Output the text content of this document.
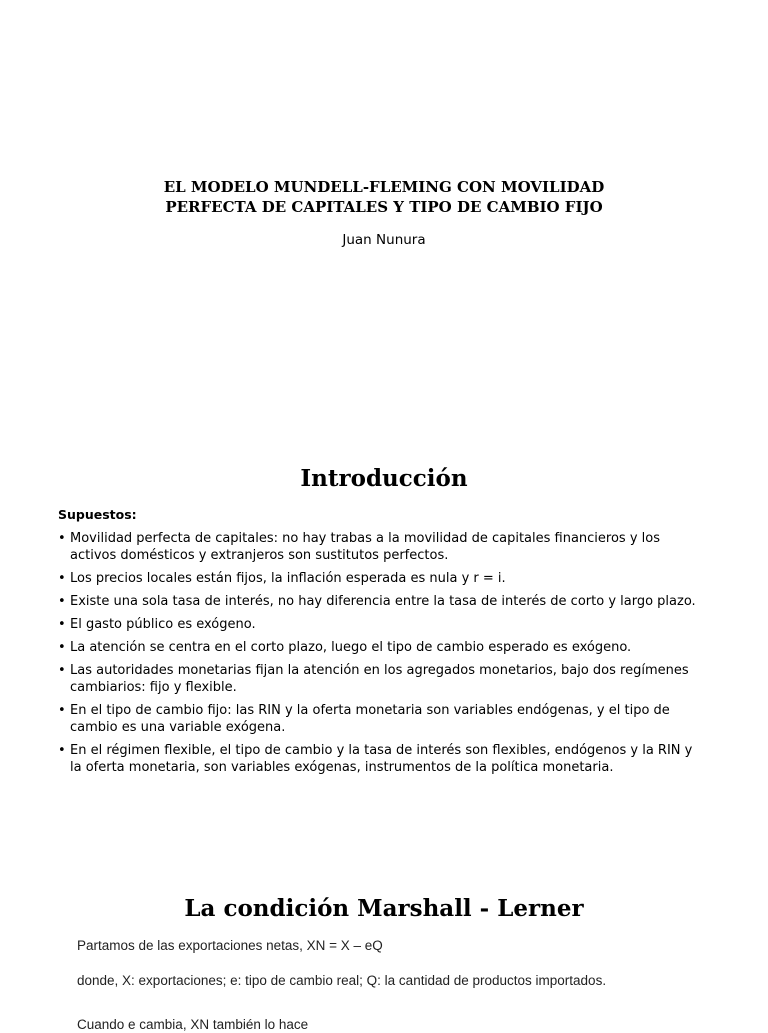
EL MODELO MUNDELL-FLEMING CON MOVILIDAD
PERFECTA DE CAPITALES Y TIPO DE CAMBIO FIJO
Juan Nunura
Introducción
Supuestos:
• Movilidad perfecta de capitales: no hay trabas a la movilidad de capitales financieros y los activos domésticos y extranjeros son sustitutos perfectos.
• Los precios locales están fijos, la inflación esperada es nula y r = i.
• Existe una sola tasa de interés, no hay diferencia entre la tasa de interés de corto y largo plazo.
• El gasto público es exógeno.
• La atención se centra en el corto plazo, luego el tipo de cambio esperado es exógeno.
• Las autoridades monetarias fijan la atención en los agregados monetarios, bajo dos regímenes cambiarios: fijo y flexible.
• En el tipo de cambio fijo: las RIN y la oferta monetaria son variables endógenas, y el tipo de cambio es una variable exógena.
• En el régimen flexible, el tipo de cambio y la tasa de interés son flexibles, endógenos y la RIN y la oferta monetaria, son variables exógenas, instrumentos de la política monetaria.
La condición Marshall - Lerner
Partamos de las exportaciones netas, XN = X – eQ
donde, X: exportaciones; e: tipo de cambio real; Q: la cantidad de productos importados.
Cuando e cambia, XN también lo hace
